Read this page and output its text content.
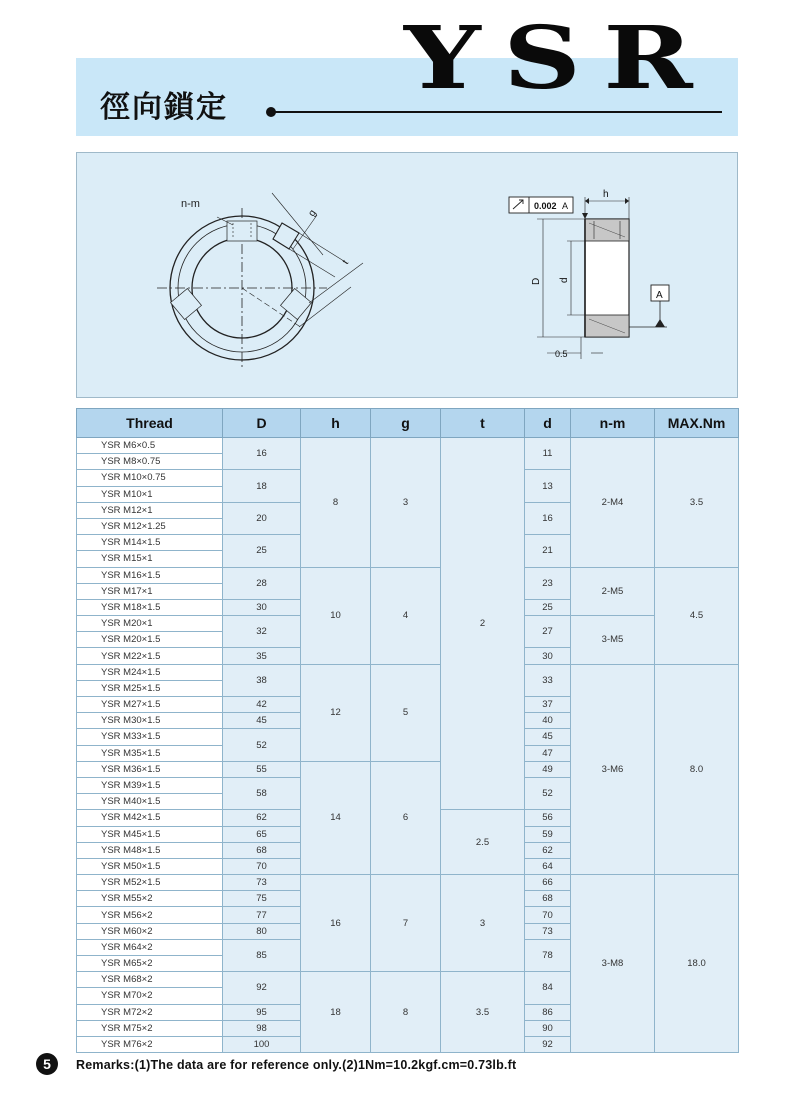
YSR
徑向鎖定
n-m
g
t
0.002 A
h
D d
A
0.5
Thread	D	h	g	t	d	n-m	MAX.Nm
YSR M6×0.5	16	8	3	2	11	2-M4	3.5
YSR M8×0.75							
YSR M10×0.75	18				13		
YSR M10×1							
YSR M12×1	20				16		
YSR M12×1.25							
YSR M14×1.5	25				21		
YSR M15×1							
YSR M16×1.5	28	10	4		23	2-M5	4.5
YSR M17×1							
YSR M18×1.5	30				25		
YSR M20×1	32				27	3-M5	
YSR M20×1.5							
YSR M22×1.5	35				30		
YSR M24×1.5	38	12	5		33	3-M6	8.0
YSR M25×1.5							
YSR M27×1.5	42				37		
YSR M30×1.5	45				40		
YSR M33×1.5	52				45		
YSR M35×1.5					47		
YSR M36×1.5	55	14	6		49		
YSR M39×1.5	58				52		
YSR M40×1.5							
YSR M42×1.5	62			2.5	56		
YSR M45×1.5	65				59		
YSR M48×1.5	68				62		
YSR M50×1.5	70				64		
YSR M52×1.5	73	16	7	3	66	3-M8	18.0
YSR M55×2	75				68		
YSR M56×2	77				70		
YSR M60×2	80				73		
YSR M64×2	85				78		
YSR M65×2							
YSR M68×2	92	18	8	3.5	84		
YSR M70×2							
YSR M72×2	95				86		
YSR M75×2	98				90		
YSR M76×2	100				92		
5	Remarks:(1)The data are for reference only.(2)1Nm=10.2kgf.cm=0.73lb.ft
